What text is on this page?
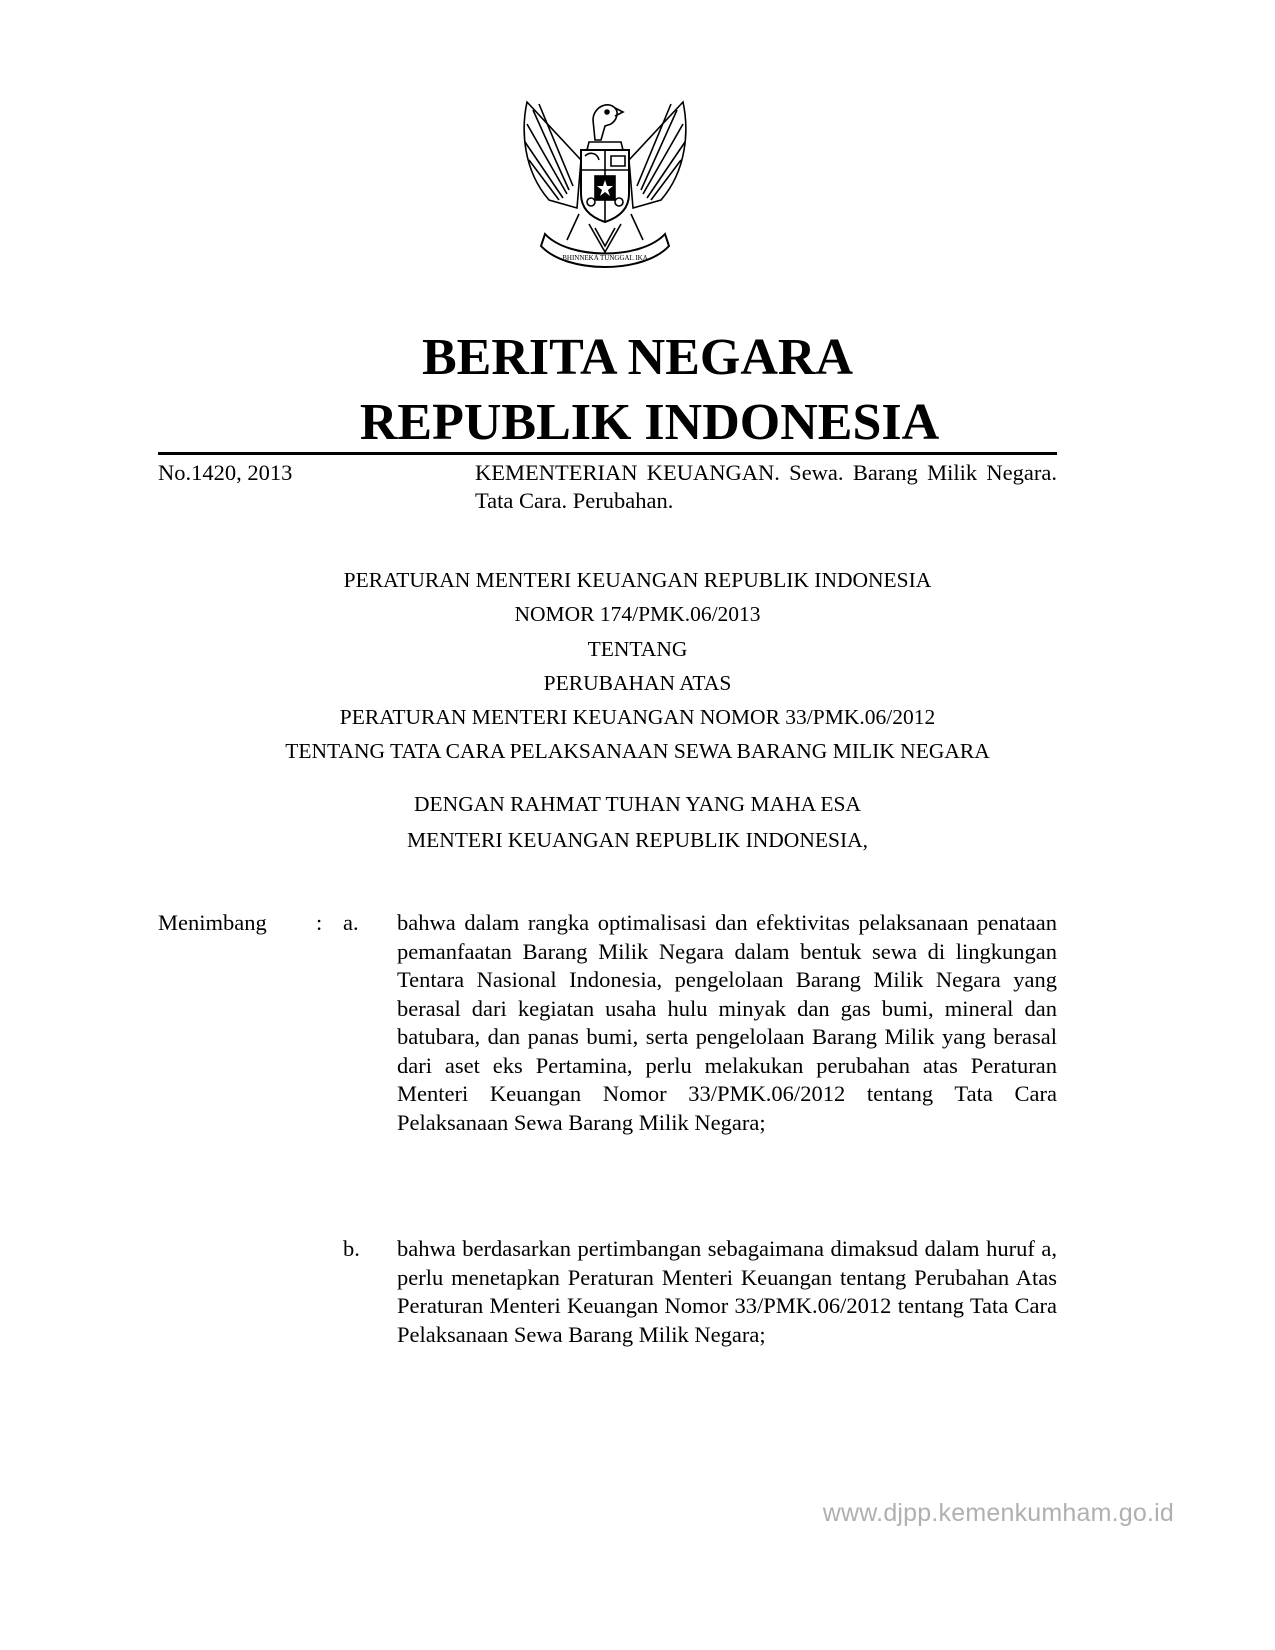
BHINNEKA TUNGGAL IKA
BERITA NEGARA
REPUBLIK INDONESIA
No.1420, 2013	KEMENTERIAN KEUANGAN. Sewa. Barang Milik Negara. Tata Cara. Perubahan.

PERATURAN MENTERI KEUANGAN REPUBLIK INDONESIA

NOMOR 174/PMK.06/2013

TENTANG

PERUBAHAN ATAS

PERATURAN MENTERI KEUANGAN NOMOR 33/PMK.06/2012

TENTANG TATA CARA PELAKSANAAN SEWA BARANG MILIK NEGARA

DENGAN RAHMAT TUHAN YANG MAHA ESA

MENTERI KEUANGAN REPUBLIK INDONESIA,

Menimbang : a. bahwa dalam rangka optimalisasi dan efektivitas pelaksanaan penataan pemanfaatan Barang Milik Negara dalam bentuk sewa di lingkungan Tentara Nasional Indonesia, pengelolaan Barang Milik Negara yang berasal dari kegiatan usaha hulu minyak dan gas bumi, mineral dan batubara, dan panas bumi, serta pengelolaan Barang Milik yang berasal dari aset eks Pertamina, perlu melakukan perubahan atas Peraturan Menteri Keuangan Nomor 33/PMK.06/2012 tentang Tata Cara Pelaksanaan Sewa Barang Milik Negara;

b. bahwa berdasarkan pertimbangan sebagaimana dimaksud dalam huruf a, perlu menetapkan Peraturan Menteri Keuangan tentang Perubahan Atas Peraturan Menteri Keuangan Nomor 33/PMK.06/2012 tentang Tata Cara Pelaksanaan Sewa Barang Milik Negara;

www.djpp.kemenkumham.go.id
